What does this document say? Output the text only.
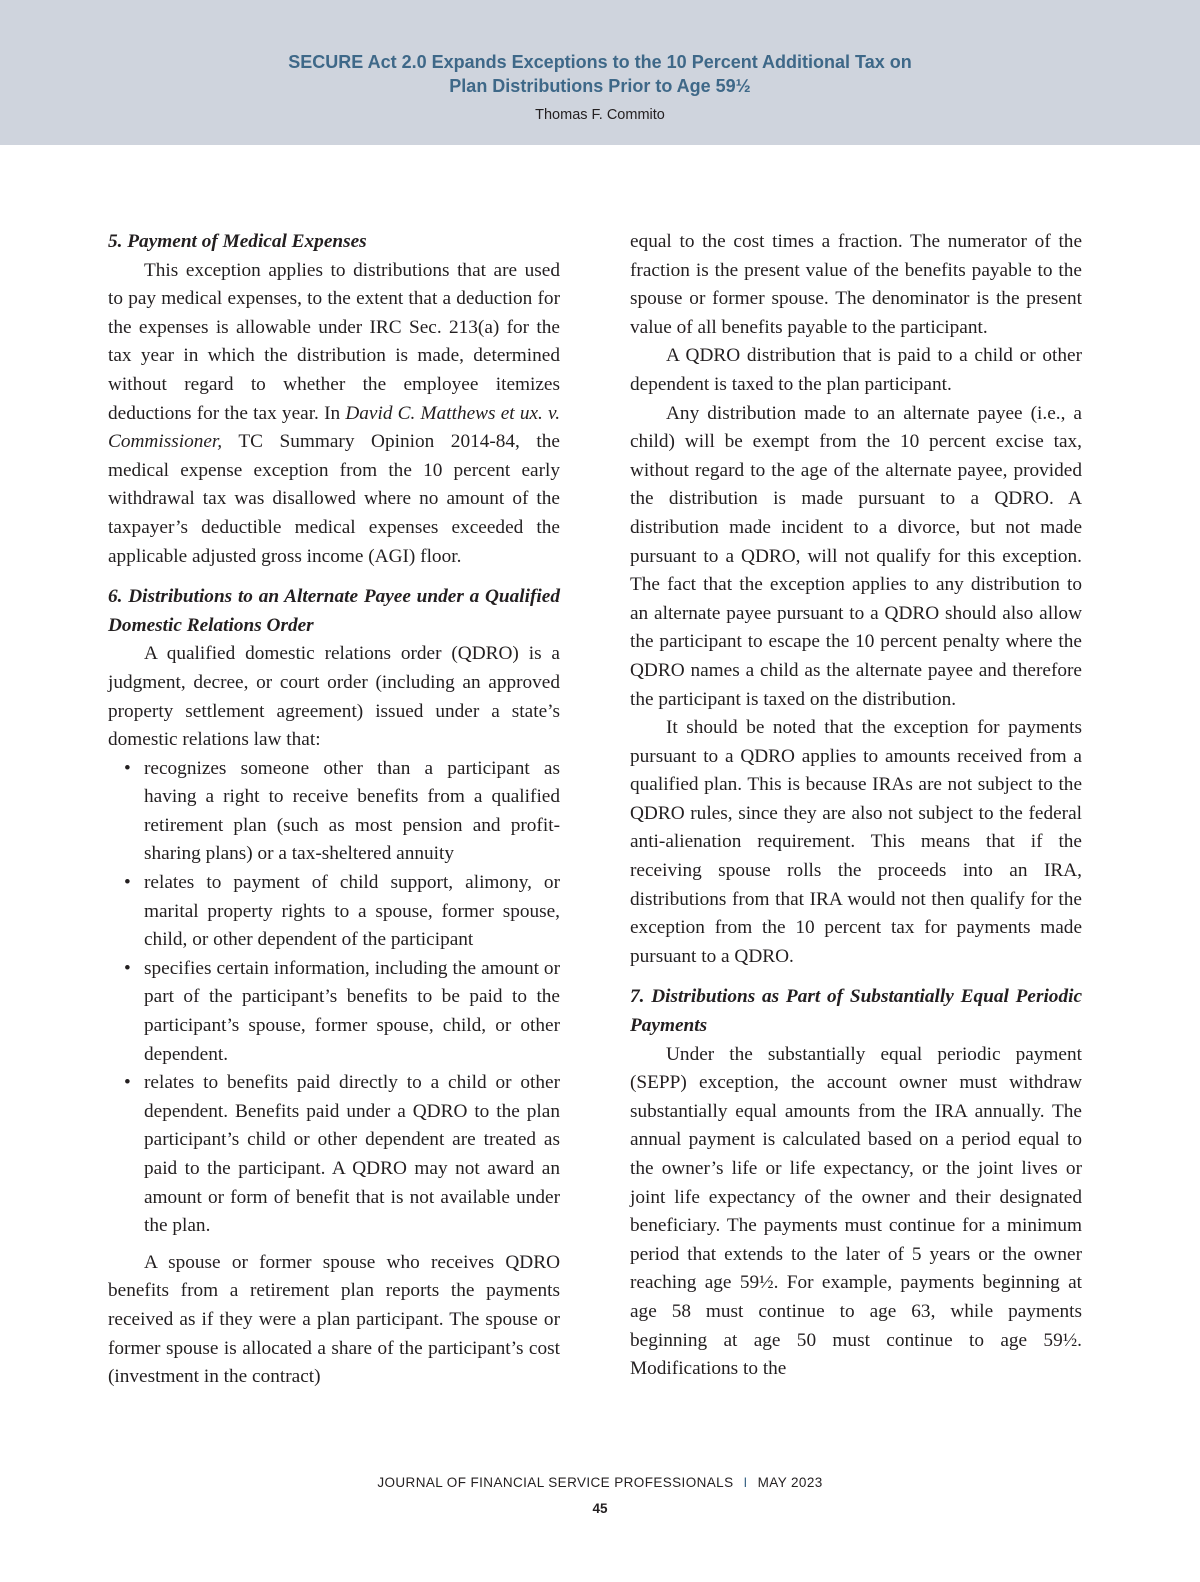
SECURE Act 2.0 Expands Exceptions to the 10 Percent Additional Tax on
Plan Distributions Prior to Age 59½
Thomas F. Commito
5. Payment of Medical Expenses

This exception applies to distributions that are used to pay medical expenses, to the extent that a deduction for the expenses is allowable under IRC Sec. 213(a) for the tax year in which the distribution is made, determined without regard to whether the employee itemizes deductions for the tax year. In David C. Matthews et ux. v. Commissioner, TC Summary Opinion 2014-84, the medical expense exception from the 10 percent early withdrawal tax was disallowed where no amount of the taxpayer’s deductible medical expenses exceeded the applicable adjusted gross income (AGI) floor.

6. Distributions to an Alternate Payee under a Qualified Domestic Relations Order

A qualified domestic relations order (QDRO) is a judgment, decree, or court order (including an approved property settlement agreement) issued under a state’s domestic relations law that:

• recognizes someone other than a participant as having a right to receive benefits from a qualified retirement plan (such as most pension and profit-sharing plans) or a tax-sheltered annuity
• relates to payment of child support, alimony, or marital property rights to a spouse, former spouse, child, or other dependent of the participant
• specifies certain information, including the amount or part of the participant’s benefits to be paid to the participant’s spouse, former spouse, child, or other dependent.
• relates to benefits paid directly to a child or other dependent. Benefits paid under a QDRO to the plan participant’s child or other dependent are treated as paid to the participant. A QDRO may not award an amount or form of benefit that is not available under the plan.

A spouse or former spouse who receives QDRO benefits from a retirement plan reports the payments received as if they were a plan participant. The spouse or former spouse is allocated a share of the participant’s cost (investment in the contract)

equal to the cost times a fraction. The numerator of the fraction is the present value of the benefits payable to the spouse or former spouse. The denominator is the present value of all benefits payable to the participant.

A QDRO distribution that is paid to a child or other dependent is taxed to the plan participant.

Any distribution made to an alternate payee (i.e., a child) will be exempt from the 10 percent excise tax, without regard to the age of the alternate payee, provided the distribution is made pursuant to a QDRO. A distribution made incident to a divorce, but not made pursuant to a QDRO, will not qualify for this exception. The fact that the exception applies to any distribution to an alternate payee pursuant to a QDRO should also allow the participant to escape the 10 percent penalty where the QDRO names a child as the alternate payee and therefore the participant is taxed on the distribution.

It should be noted that the exception for payments pursuant to a QDRO applies to amounts received from a qualified plan. This is because IRAs are not subject to the QDRO rules, since they are also not subject to the federal anti-alienation requirement. This means that if the receiving spouse rolls the proceeds into an IRA, distributions from that IRA would not then qualify for the exception from the 10 percent tax for payments made pursuant to a QDRO.

7. Distributions as Part of Substantially Equal Periodic Payments

Under the substantially equal periodic payment (SEPP) exception, the account owner must withdraw substantially equal amounts from the IRA annually. The annual payment is calculated based on a period equal to the owner’s life or life expectancy, or the joint lives or joint life expectancy of the owner and their designated beneficiary. The payments must continue for a minimum period that extends to the later of 5 years or the owner reaching age 59½. For example, payments beginning at age 58 must continue to age 63, while payments beginning at age 50 must continue to age 59½. Modifications to the

JOURNAL OF FINANCIAL SERVICE PROFESSIONALS I MAY 2023
45
